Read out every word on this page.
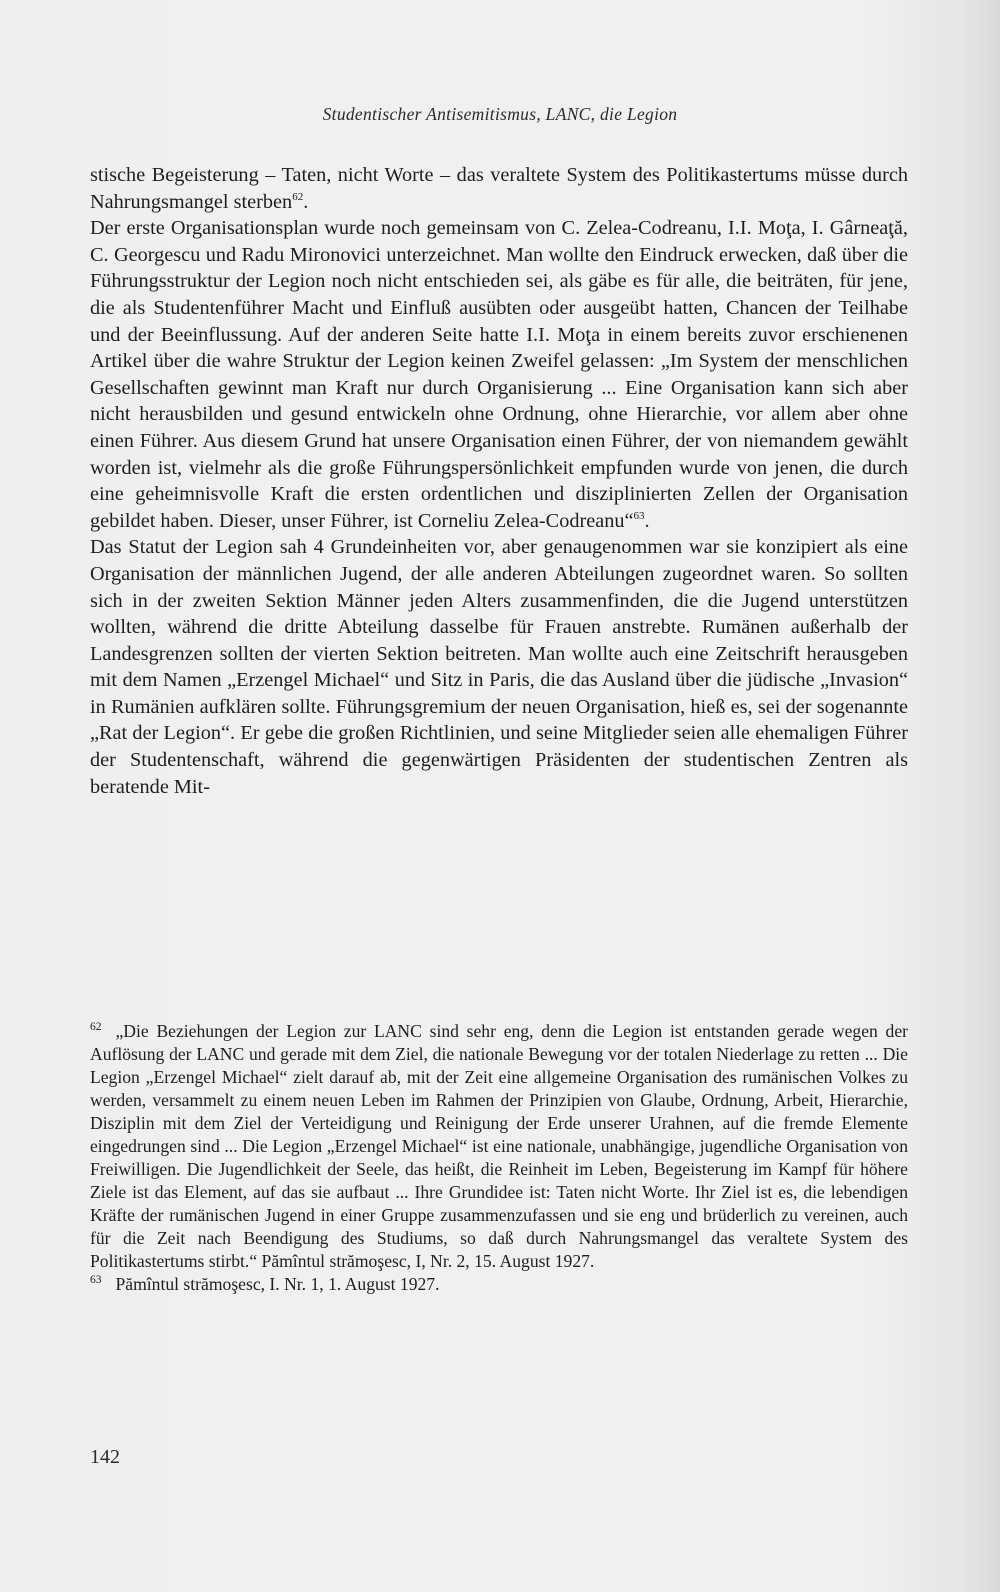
Studentischer Antisemitismus, LANC, die Legion

stische Begeisterung – Taten, nicht Worte – das veraltete System des Politikastertums müsse durch Nahrungsmangel sterben$^{62}$.

Der erste Organisationsplan wurde noch gemeinsam von C. Zelea-Codreanu, I.I. Moţa, I. Gârneaţă, C. Georgescu und Radu Mironovici unterzeichnet. Man wollte den Eindruck erwecken, daß über die Führungsstruktur der Legion noch nicht entschieden sei, als gäbe es für alle, die beiträten, für jene, die als Studentenführer Macht und Einfluß ausübten oder ausgeübt hatten, Chancen der Teilhabe und der Beeinflussung. Auf der anderen Seite hatte I.I. Moţa in einem bereits zuvor erschienenen Artikel über die wahre Struktur der Legion keinen Zweifel gelassen: „Im System der menschlichen Gesellschaften gewinnt man Kraft nur durch Organisierung ... Eine Organisation kann sich aber nicht herausbilden und gesund entwickeln ohne Ordnung, ohne Hierarchie, vor allem aber ohne einen Führer. Aus diesem Grund hat unsere Organisation einen Führer, der von niemandem gewählt worden ist, vielmehr als die große Führungspersönlichkeit empfunden wurde von jenen, die durch eine geheimnisvolle Kraft die ersten ordentlichen und disziplinierten Zellen der Organisation gebildet haben. Dieser, unser Führer, ist Corneliu Zelea-Codreanu“$^{63}$.

Das Statut der Legion sah 4 Grundeinheiten vor, aber genaugenommen war sie konzipiert als eine Organisation der männlichen Jugend, der alle anderen Abteilungen zugeordnet waren. So sollten sich in der zweiten Sektion Männer jeden Alters zusammenfinden, die die Jugend unterstützen wollten, während die dritte Abteilung dasselbe für Frauen anstrebte. Rumänen außerhalb der Landesgrenzen sollten der vierten Sektion beitreten. Man wollte auch eine Zeitschrift herausgeben mit dem Namen „Erzengel Michael“ und Sitz in Paris, die das Ausland über die jüdische „Invasion“ in Rumänien aufklären sollte. Führungsgremium der neuen Organisation, hieß es, sei der sogenannte „Rat der Legion“. Er gebe die großen Richtlinien, und seine Mitglieder seien alle ehemaligen Führer der Studentenschaft, während die gegenwärtigen Präsidenten der studentischen Zentren als beratende Mit-

$^{62}$ „Die Beziehungen der Legion zur LANC sind sehr eng, denn die Legion ist entstanden gerade wegen der Auflösung der LANC und gerade mit dem Ziel, die nationale Bewegung vor der totalen Niederlage zu retten ... Die Legion „Erzengel Michael“ zielt darauf ab, mit der Zeit eine allgemeine Organisation des rumänischen Volkes zu werden, versammelt zu einem neuen Leben im Rahmen der Prinzipien von Glaube, Ordnung, Arbeit, Hierarchie, Disziplin mit dem Ziel der Verteidigung und Reinigung der Erde unserer Urahnen, auf die fremde Elemente eingedrungen sind ... Die Legion „Erzengel Michael“ ist eine nationale, unabhängige, jugendliche Organisation von Freiwilligen. Die Jugendlichkeit der Seele, das heißt, die Reinheit im Leben, Begeisterung im Kampf für höhere Ziele ist das Element, auf das sie aufbaut ... Ihre Grundidee ist: Taten nicht Worte. Ihr Ziel ist es, die lebendigen Kräfte der rumänischen Jugend in einer Gruppe zusammenzufassen und sie eng und brüderlich zu vereinen, auch für die Zeit nach Beendigung des Studiums, so daß durch Nahrungsmangel das veraltete System des Politikastertums stirbt.“ Pămîntul strămoşesc, I, Nr. 2, 15. August 1927.

$^{63}$ Pămîntul strămoşesc, I. Nr. 1, 1. August 1927.

142
